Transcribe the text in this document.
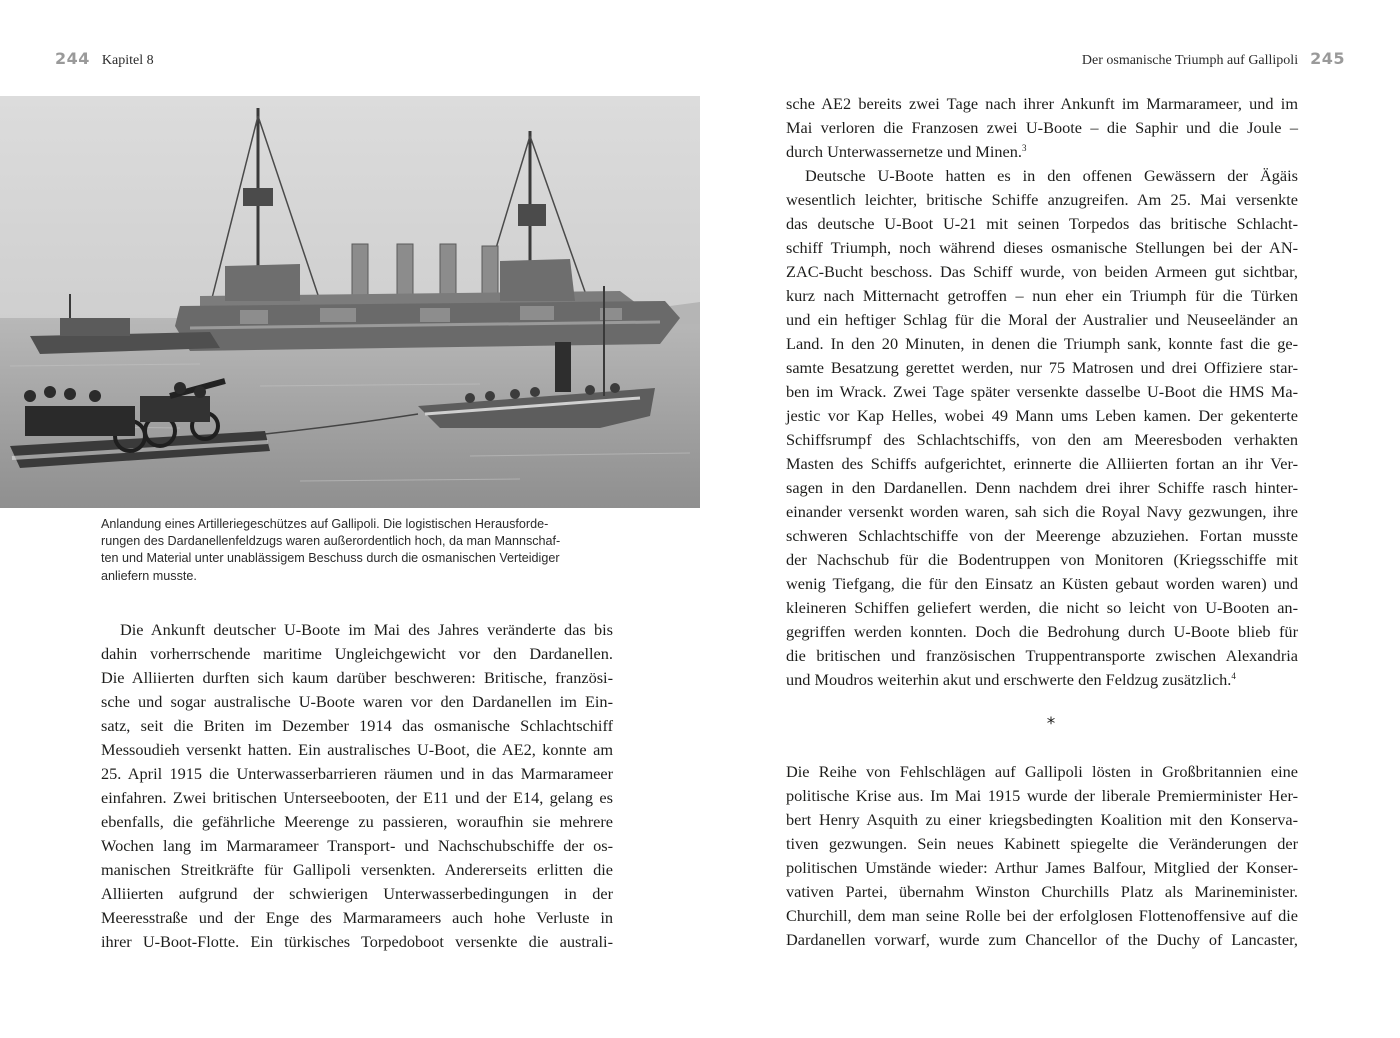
244 Kapitel 8	Der osmanische Triumph auf Gallipoli 245
Anlandung eines Artilleriegeschützes auf Gallipoli. Die logistischen Herausforde-
rungen des Dardanellenfeldzugs waren außerordentlich hoch, da man Mannschaf-
ten und Material unter unablässigem Beschuss durch die osmanischen Verteidiger
anliefern musste.
Die Ankunft deutscher U-Boote im Mai des Jahres veränderte das bis
dahin vorherrschende maritime Ungleichgewicht vor den Dardanellen.
Die Alliierten durften sich kaum darüber beschweren: Britische, französi-
sche und sogar australische U-Boote waren vor den Dardanellen im Ein-
satz, seit die Briten im Dezember 1914 das osmanische Schlachtschiff
Messoudieh versenkt hatten. Ein australisches U-Boot, die AE2, konnte am
25. April 1915 die Unterwasserbarrieren räumen und in das Marmarameer
einfahren. Zwei britischen Unterseebooten, der E11 und der E14, gelang es
ebenfalls, die gefährliche Meerenge zu passieren, woraufhin sie mehrere
Wochen lang im Marmarameer Transport- und Nachschubschiffe der os-
manischen Streitkräfte für Gallipoli versenkten. Andererseits erlitten die
Alliierten aufgrund der schwierigen Unterwasserbedingungen in der
Meeresstraße und der Enge des Marmarameers auch hohe Verluste in
ihrer U-Boot-Flotte. Ein türkisches Torpedoboot versenkte die australi-
sche AE2 bereits zwei Tage nach ihrer Ankunft im Marmarameer, und im
Mai verloren die Franzosen zwei U-Boote – die Saphir und die Joule –
durch Unterwassernetze und Minen.$^3$
Deutsche U-Boote hatten es in den offenen Gewässern der Ägäis
wesentlich leichter, britische Schiffe anzugreifen. Am 25. Mai versenkte
das deutsche U-Boot U-21 mit seinen Torpedos das britische Schlacht-
schiff Triumph, noch während dieses osmanische Stellungen bei der AN-
ZAC-Bucht beschoss. Das Schiff wurde, von beiden Armeen gut sichtbar,
kurz nach Mitternacht getroffen – nun eher ein Triumph für die Türken
und ein heftiger Schlag für die Moral der Australier und Neuseeländer an
Land. In den 20 Minuten, in denen die Triumph sank, konnte fast die ge-
samte Besatzung gerettet werden, nur 75 Matrosen und drei Offiziere star-
ben im Wrack. Zwei Tage später versenkte dasselbe U-Boot die HMS Ma-
jestic vor Kap Helles, wobei 49 Mann ums Leben kamen. Der gekenterte
Schiffsrumpf des Schlachtschiffs, von den am Meeresboden verhakten
Masten des Schiffs aufgerichtet, erinnerte die Alliierten fortan an ihr Ver-
sagen in den Dardanellen. Denn nachdem drei ihrer Schiffe rasch hinter-
einander versenkt worden waren, sah sich die Royal Navy gezwungen, ihre
schweren Schlachtschiffe von der Meerenge abzuziehen. Fortan musste
der Nachschub für die Bodentruppen von Monitoren (Kriegsschiffe mit
wenig Tiefgang, die für den Einsatz an Küsten gebaut worden waren) und
kleineren Schiffen geliefert werden, die nicht so leicht von U-Booten an-
gegriffen werden konnten. Doch die Bedrohung durch U-Boote blieb für
die britischen und französischen Truppentransporte zwischen Alexandria
und Moudros weiterhin akut und erschwerte den Feldzug zusätzlich.$^4$
*
Die Reihe von Fehlschlägen auf Gallipoli lösten in Großbritannien eine
politische Krise aus. Im Mai 1915 wurde der liberale Premierminister Her-
bert Henry Asquith zu einer kriegsbedingten Koalition mit den Konserva-
tiven gezwungen. Sein neues Kabinett spiegelte die Veränderungen der
politischen Umstände wieder: Arthur James Balfour, Mitglied der Konser-
vativen Partei, übernahm Winston Churchills Platz als Marineminister.
Churchill, dem man seine Rolle bei der erfolglosen Flottenoffensive auf die
Dardanellen vorwarf, wurde zum Chancellor of the Duchy of Lancaster,
